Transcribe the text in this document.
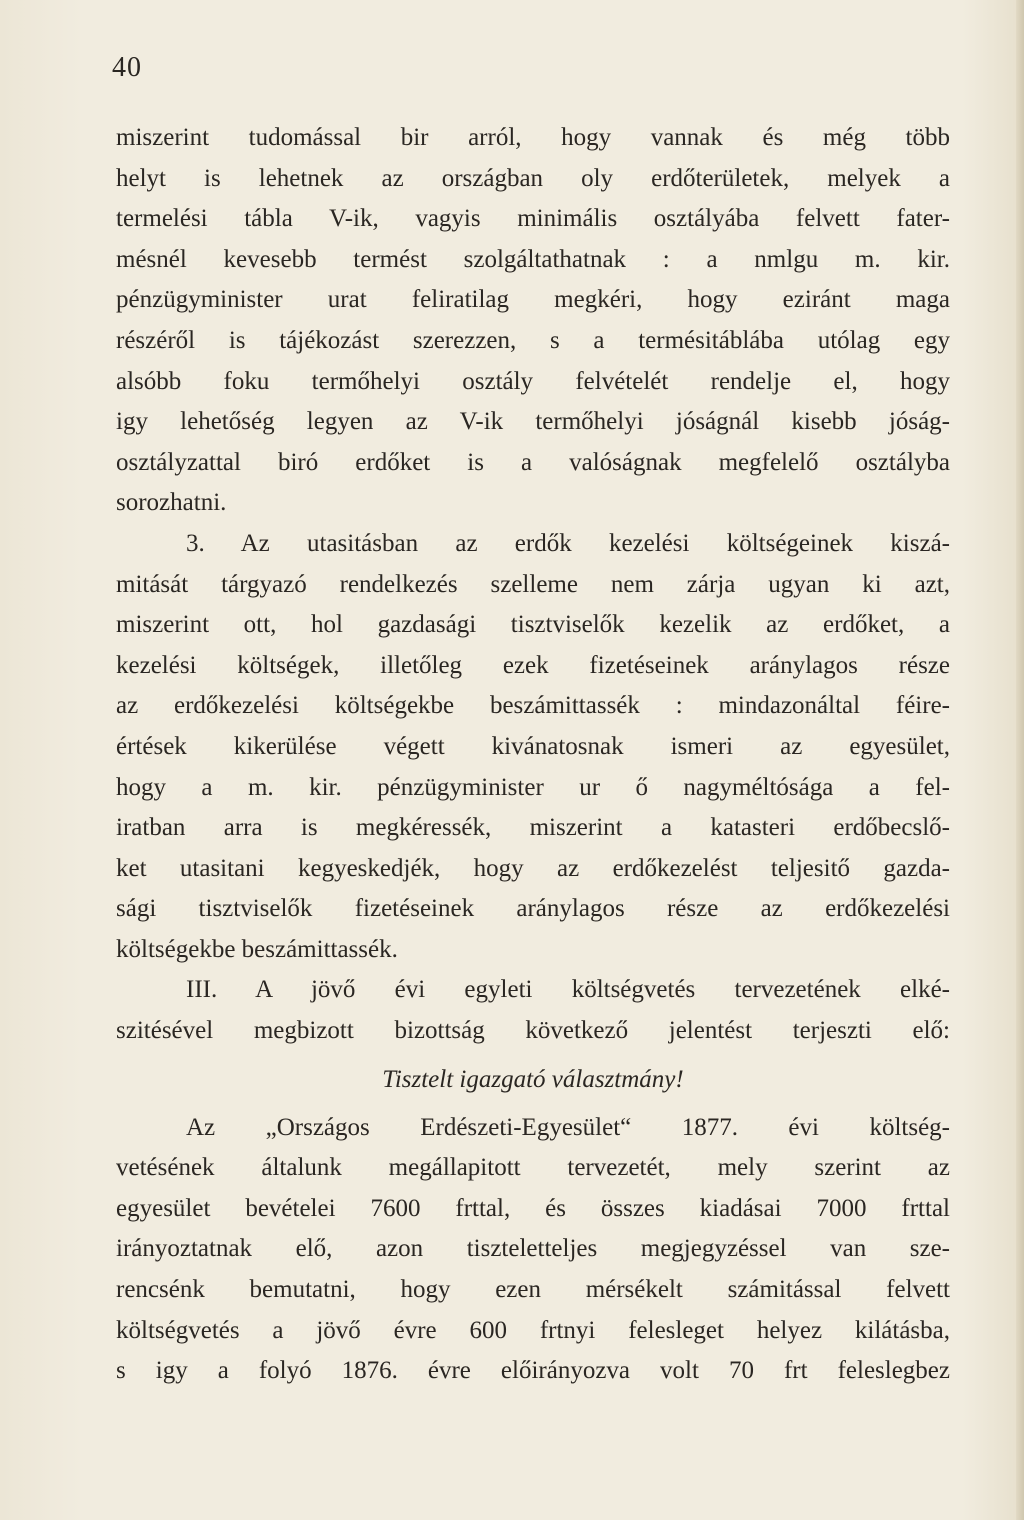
40
miszerint tudomással bir arról, hogy vannak és még több
helyt is lehetnek az országban oly erdőterületek, melyek a
termelési tábla V-ik, vagyis minimális osztályába felvett fater-
mésnél kevesebb termést szolgáltathatnak : a nmlgu m. kir.
pénzügyminister urat feliratilag megkéri, hogy eziránt maga
részéről is tájékozást szerezzen, s a termésitáblába utólag egy
alsóbb foku termőhelyi osztály felvételét rendelje el, hogy
igy lehetőség legyen az V-ik termőhelyi jóságnál kisebb jóság-
osztályzattal biró erdőket is a valóságnak megfelelő osztályba
sorozhatni.
3. Az utasitásban az erdők kezelési költségeinek kiszá-
mitását tárgyazó rendelkezés szelleme nem zárja ugyan ki azt,
miszerint ott, hol gazdasági tisztviselők kezelik az erdőket, a
kezelési költségek, illetőleg ezek fizetéseinek aránylagos része
az erdőkezelési költségekbe beszámittassék : mindazonáltal féire-
értések kikerülése végett kivánatosnak ismeri az egyesület,
hogy a m. kir. pénzügyminister ur ő nagyméltósága a fel-
iratban arra is megkéressék, miszerint a katasteri erdőbecslő-
ket utasitani kegyeskedjék, hogy az erdőkezelést teljesitő gazda-
sági tisztviselők fizetéseinek aránylagos része az erdőkezelési
költségekbe beszámittassék.
III. A jövő évi egyleti költségvetés tervezetének elké-
szitésével megbizott bizottság következő jelentést terjeszti elő:
Tisztelt igazgató választmány!
Az „Országos Erdészeti-Egyesület“ 1877. évi költség-
vetésének általunk megállapitott tervezetét, mely szerint az
egyesület bevételei 7600 frttal, és összes kiadásai 7000 frttal
irányoztatnak elő, azon tiszteletteljes megjegyzéssel van sze-
rencsénk bemutatni, hogy ezen mérsékelt számitással felvett
költségvetés a jövő évre 600 frtnyi felesleget helyez kilátásba,
s igy a folyó 1876. évre előirányozva volt 70 frt feleslegbez
